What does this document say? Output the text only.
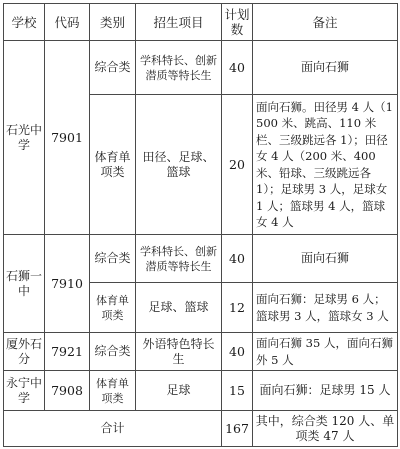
学校	代码	类别	招生项目	计划数	备注
石光中学	7901	综合类	学科特长、创新潜质等特长生	40	面向石狮
		体育单项类	田径、足球、篮球	20	面向石狮。田径男 4 人（1500 米、跳高、110 米栏、三级跳远各 1）；田径女 4 人（200 米、400 米、铅球、三级跳远各 1）；足球男 3 人，足球女 1 人；篮球男 4 人，篮球女 4 人
石狮一中	7910	综合类	学科特长、创新潜质等特长生	40	面向石狮
		体育单项类	足球、篮球	12	面向石狮：足球男 6 人；篮球男 3 人，篮球女 3 人
厦外石分	7921	综合类	外语特色特长生	40	面向石狮 35 人，面向石狮外 5 人
永宁中学	7908	体育单项类	足球	15	面向石狮：足球男 15 人
合计				167	其中，综合类 120 人、单项类 47 人
